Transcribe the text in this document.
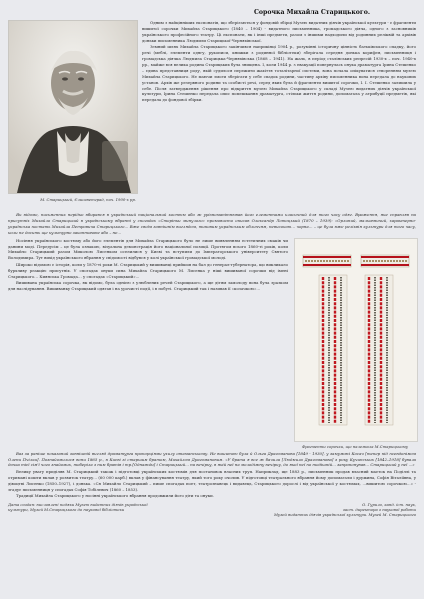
Сорочка Михайла Старицького.
М. Старицький, Єлисаветград, поч. 1900-х рр.

Одним з найцінніших експонатів, що зберігаються у фондовій збірці Музею видатних діячів української культури - є фрагменти вишитої сорочки Михайла Старицького (1840 – 1904) - видатного письменника, громадського діяча, одного з засновників українського професійного театру. Ці експонати, як і інші предмети, разом з іншими надходили від родинних реліквій та архівів доньки письменника Людмили Старицької-Черняхівської.

Земний шлях Михайла Старицького закінчився наприкінці 1904 р., розумінні історичну цінність батьківського спадку, його речі (меблі, елементи одягу, рукописи, книжки з родинної бібліотеки) зберігала середня донька корифея, письменниця і громадська діячка Людмила Старицька-Черняхівська (1868 – 1941). На жаль, в період сталінських репресій 1930-х – поч. 1940-х рр., майже вся велика родина Старицьких була знищена. І, коли 1944 р. з евакуації повернулась онука драматурга Ірина Стешенко – єдина представниця роду, якій судилося пережити жахіття тоталітарної системи, вона почала опікуватися створенням музею Михайла Старицького. Не маючи змоги зберігати у себе спадок родини, частину архіву письменника вона передала до наукових установ. Архів же резервного родини та особисті речі, серед яких була й фрагменти вишитої сорочки, І. І. Стешенко залишила у себе. Після затвердження рішення про відкриття музею Михайла Старицького у складі Музею видатних діячів української культури, Ірина Стешенко передала опис помешкання драматурга, стільки життя родини, допомагала у атрибуції предметів, які передала до фондової збірки.

Як відомо, письменник нерідко вбирався в український національний костюм або ж урізноманітнював його елементами класичний для того часу одяг. Враження, яке справляв на присутніх Михайло Старицький в українському вбранні у спогадах «Сторінки минулого» промовисто описав Олександр Лотоцький (1870 – 1939): «Орлиний, мальовничий, характерно-українська постать Михайла Петровича Старицького… Вже своїм зовнішнім виглядом, типовим українським обличчям, невисокою… чорна… – це була вже реліквія культури для того часу, коли не досить ще культурно законтоване або – не…

Носіння українського костюму або його елементів для Михайла Старицького було не лише виявленням естетичних смаків чи данини моді. Передусім – це була ознакою, візуальна демонстрація його національної позиції. Протягом всього 1860-ті років, коли Михайло Старицький разом Миколою Лисенком оселилися у Києві та вступили до Імператорського університету Святого Володимира. Тут вихід українського вбрання у свідомості відбувся у колі української громадської молоді.

Широко відомою є історія, коли у 1870-ті роки М. Старицький у вишиванці прийшов на бал до генерал-губернатора, що викликало бурхливу реакцію присутніх. У спогадах онуки сина Михайла Старицького М. Лисенка у ніші вишиваної сорочки від імені Старицького… Киянська Громада… у спогадах «Старицький»...

Вишивана українська сорочка, як відомо, була однією з улюблених речей Старицького, а ще дітям замолоду вона була зразком для наслідування. Вишиванку Старицький одягав і на урочисті події, і в побуті. Старицький так і називав її «козачкою»…

Фрагменти сорочки, що належала М.Старицькому

Ваз за раніше показаний зовнішній вигляд драматурга пропорціями ухилу отаманському. Не вишитою була й Ольга Драгоманова [1849 - 1930], у замужжі Косач [тепер під псевдонімом Олени Пчілки]. Познайомилися вони 1865 р., в Києві зі старшим братом, Михайлом Драгомановим. «У брата я все ж бачила [Людмила Драгоманова] з року Кучинських [1842–1918] бувала дочка тієї сім'ї чого знайомих, тоберіла з ним братів і тр.[Однажди] і Старицький... на вечірку, в якій неї на молодіжну вечірку, до якої неї по тодішній... запропонував... Старицький у неї ...»

Велику увагу приділяв М. Старицький також і підготовці українських костюмів для постановок власних труп. Наприклад, ще 1883 р., письменник продав власний маєток на Поділлі та отримані кошти вклав у розвиток театру... (60 000 карб.) вклав у фінансування театру, який того року очолив. У підготовці театрального вбрання йому допомагали і дружина, Софія Віталіївна, у дівоцтві Лисенко (1850–1927), і донька. «Ся Михайло Старицький – пише спогадах поет, театрознавець і видавець, Старицького дорослі і від української у костюмах, ...вишитою сорочкою...» - згадує письменниця у спогадах Софія Тобілевич (1860 – 1853).

Традиції Михайла Старицького у носінні українського вбрання продовжили його діти та онуки.

Дата создан: висловлені подяки Музею видатних діячів української культури, Музей М.Старицького до наукової бібліотеки
О. Гурило, канд. іст. наук,
заст. директора з наукової роботи
Музей видатних діячів української культури. Музей М. Старицького
